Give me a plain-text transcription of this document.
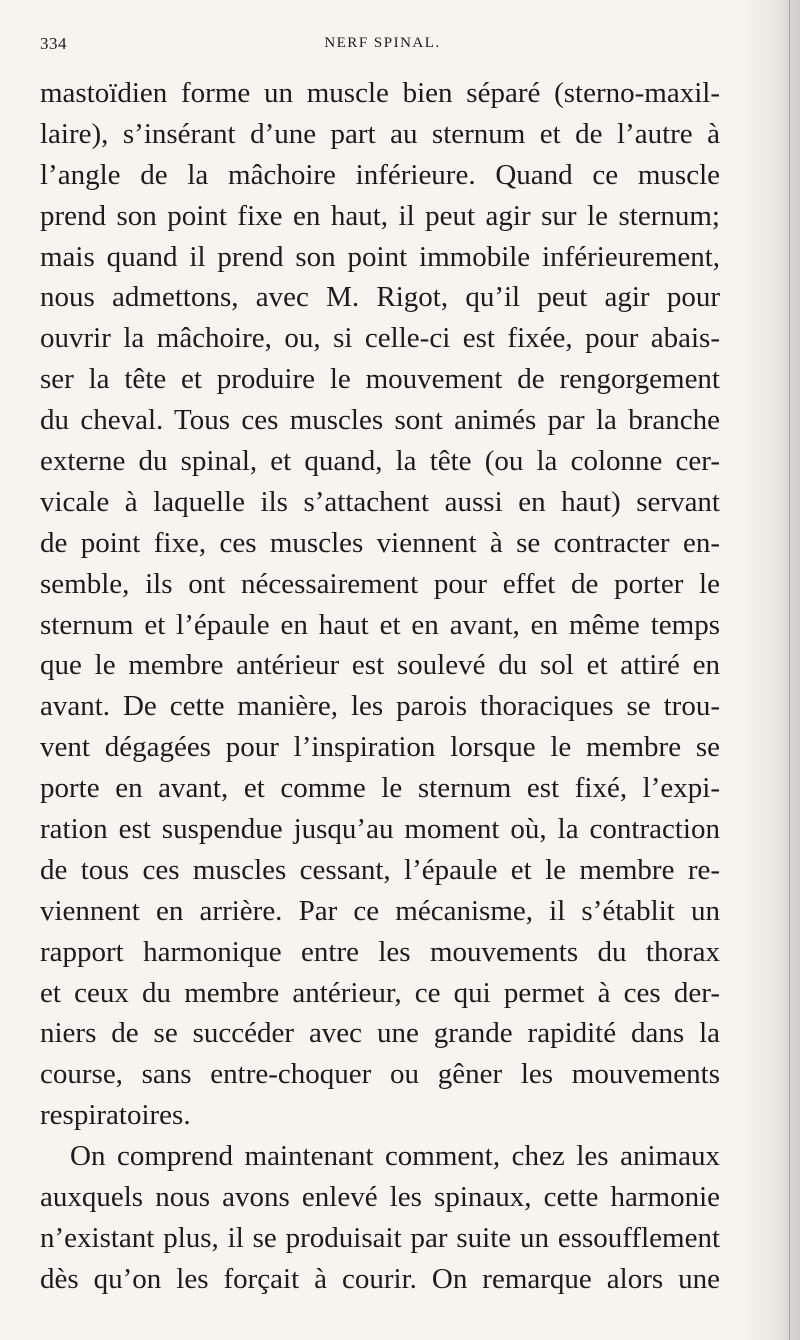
334	NERF SPINAL.
mastoïdien forme un muscle bien séparé (sterno-maxil-
laire), s’insérant d’une part au sternum et de l’autre à
l’angle de la mâchoire inférieure. Quand ce muscle
prend son point fixe en haut, il peut agir sur le sternum;
mais quand il prend son point immobile inférieurement,
nous admettons, avec M. Rigot, qu’il peut agir pour
ouvrir la mâchoire, ou, si celle-ci est fixée, pour abais-
ser la tête et produire le mouvement de rengorgement
du cheval. Tous ces muscles sont animés par la branche
externe du spinal, et quand, la tête (ou la colonne cer-
vicale à laquelle ils s’attachent aussi en haut) servant
de point fixe, ces muscles viennent à se contracter en-
semble, ils ont nécessairement pour effet de porter le
sternum et l’épaule en haut et en avant, en même temps
que le membre antérieur est soulevé du sol et attiré en
avant. De cette manière, les parois thoraciques se trou-
vent dégagées pour l’inspiration lorsque le membre se
porte en avant, et comme le sternum est fixé, l’expi-
ration est suspendue jusqu’au moment où, la contraction
de tous ces muscles cessant, l’épaule et le membre re-
viennent en arrière. Par ce mécanisme, il s’établit un
rapport harmonique entre les mouvements du thorax
et ceux du membre antérieur, ce qui permet à ces der-
niers de se succéder avec une grande rapidité dans la
course, sans entre-choquer ou gêner les mouvements
respiratoires.
On comprend maintenant comment, chez les animaux
auxquels nous avons enlevé les spinaux, cette harmonie
n’existant plus, il se produisait par suite un essoufflement
dès qu’on les forçait à courir. On remarque alors une
